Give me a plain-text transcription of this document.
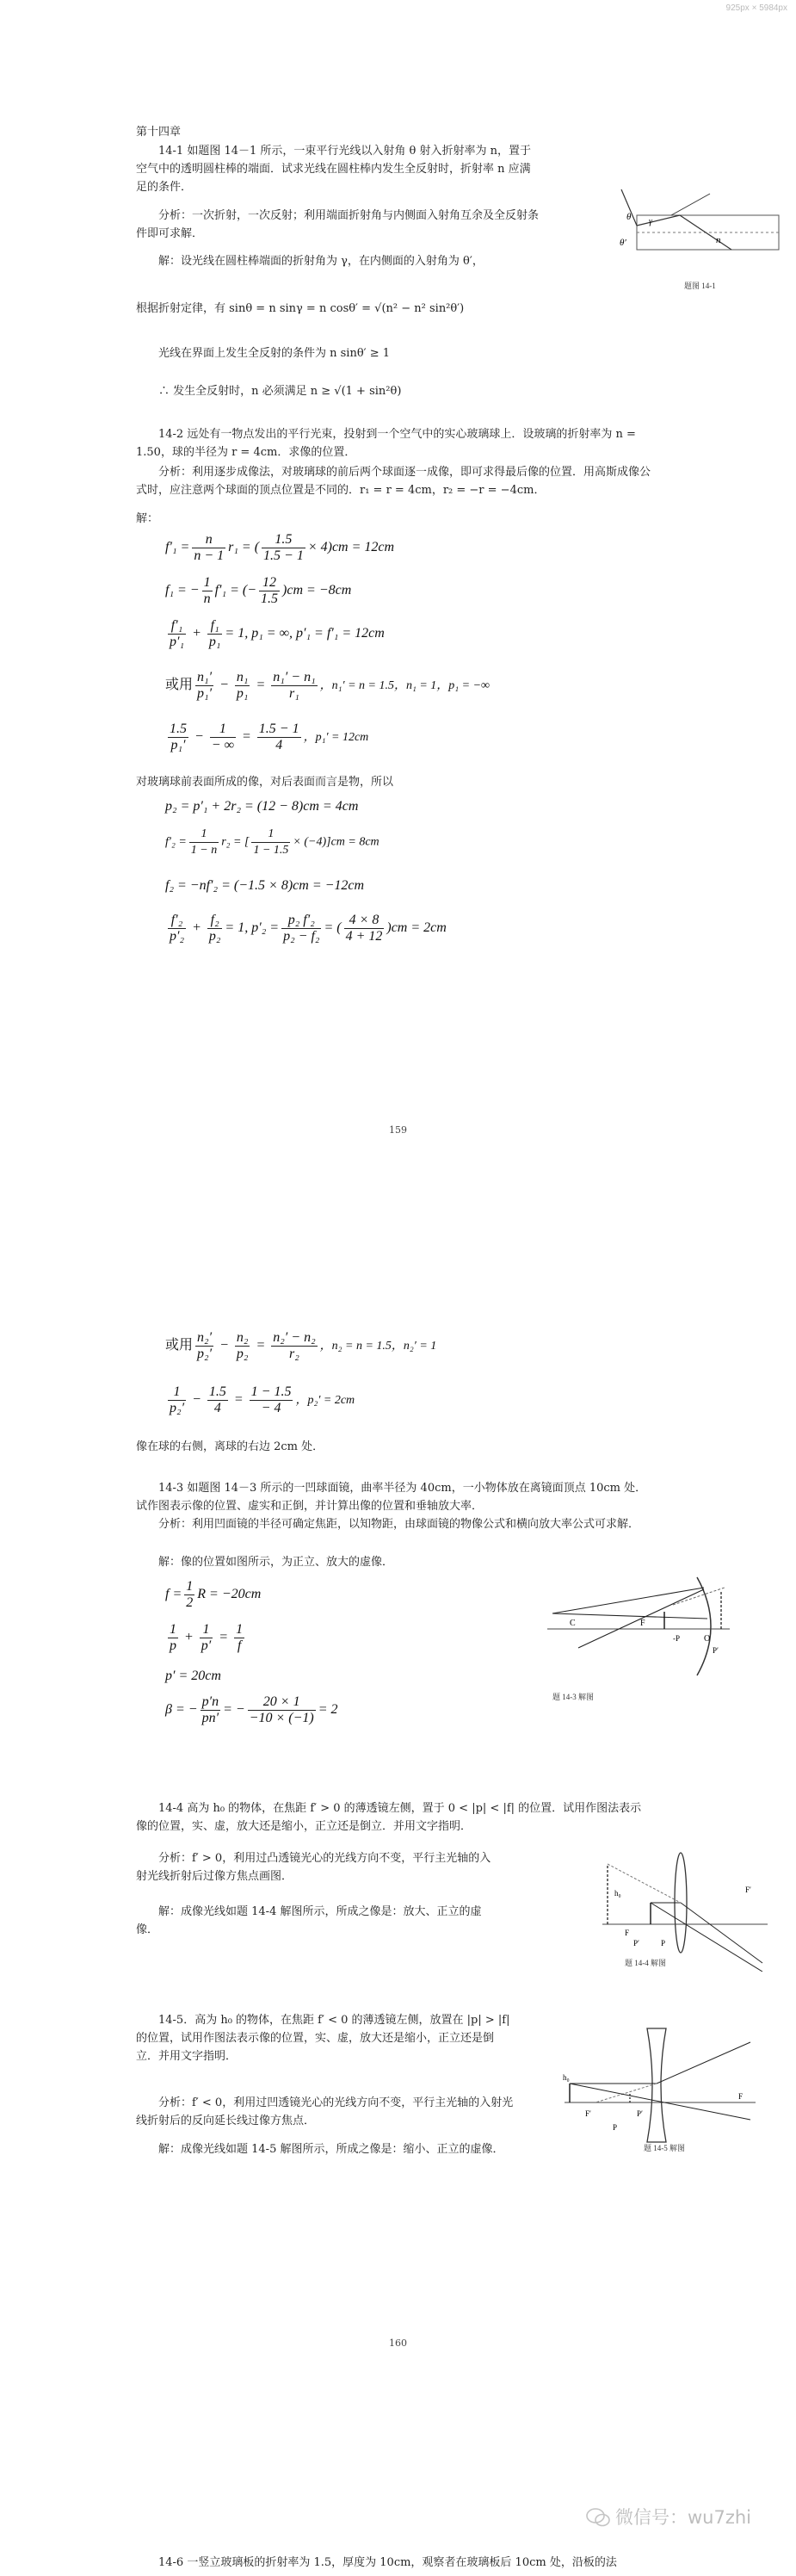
925px × 5984px
第十四章

14-1 如题图 14－1 所示，一束平行光线以入射角 θ 射入折射率为 n，置于空气中的透明圆柱棒的端面．试求光线在圆柱棒内发生全反射时，折射率 n 应满足的条件．

分析：一次折射，一次反射；利用端面折射角与内侧面入射角互余及全反射条件即可求解．

解：设光线在圆柱棒端面的折射角为 γ，在内侧面的入射角为 θ′，

根据折射定律，有 sinθ = n sinγ = n cosθ′ = √(n² − n² sin²θ′)

光线在界面上发生全反射的条件为 n sinθ′ ≥ 1

∴ 发生全反射时，n 必须满足 n ≥ √(1 + sin²θ)

θ
θ′
γ
n
题图 14-1

14-2 远处有一物点发出的平行光束，投射到一个空气中的实心玻璃球上．设玻璃的折射率为 n = 1.50，球的半径为 r = 4cm．求像的位置．

分析：利用逐步成像法，对玻璃球的前后两个球面逐一成像，即可求得最后像的位置．用高斯成像公式时，应注意两个球面的顶点位置是不同的．r₁ = r = 4cm，r₂ = −r = −4cm．

解：
$f'_1 = \frac{n}{n - 1} r_1$ = ( $\frac{1.5}{1.5 - 1} \times 4)cm = 12cm$
f₁ = − $\frac{1}{n} f'_1$ = (− $\frac{12}{1.5} )cm = -8cm$
$\frac{\text{f′₁}}{\text{p′₁}} + \frac{\text{f₁}}{\text{p₁}} = 1$, p₁ = ∞, p′₁ = f′₁ = 12cm
或用 $\frac{\text{n₁′}}{\text{p₁′}} - \frac{\text{n₁}}{\text{p₁}} = \frac{\text{n₁′ − n₁}}{\text{r₁}}$ ，n₁′ = n = 1.5，n₁ = 1，p₁ = −∞
$\frac{1.5}{\text{p₁′}} - \frac{1}{- \infty} = \frac{1.5 - 1}{4}$ ，p₁′ = 12cm

对玻璃球前表面所成的像，对后表面而言是物，所以

p₂ = p′₁ + 2r₂ = (12 − 8)cm = 4cm
$f'_2 = \frac{1}{1 - n} r_2$ = [ $\frac{1}{1 - 1.5} \times (-4)]cm = 8cm$
f₂ = −nf′₂ = (−1.5 × 8)cm = −12cm
$\frac{\text{f′₂}}{\text{p′₂}} + \frac{\text{f₂}}{\text{p₂}} = 1$, $p'_2 = \frac{\text{p₂ f′₂}}{\text{p₂ − f₂}}$ = ( $\frac{4 \times 8}{4 + 12} )cm = 2cm$
159
或用 $\frac{\text{n₂′}}{\text{p₂′}} - \frac{\text{n₂}}{\text{p₂}} = \frac{\text{n₂′ − n₂}}{\text{r₂}}$ ，n₂ = n = 1.5，n₂′ = 1
$\frac{1}{\text{p₂′}} - \frac{1.5}{4} = \frac{1 - 1.5}{- 4}$ ，p₂′ = 2cm

像在球的右侧，离球的右边 2cm 处．

14-3 如题图 14－3 所示的一凹球面镜，曲率半径为 40cm，一小物体放在离镜面顶点 10cm 处．试作图表示像的位置、虚实和正倒，并计算出像的位置和垂轴放大率．

分析：利用凹面镜的半径可确定焦距，以知物距，由球面镜的物像公式和横向放大率公式可求解．

解：像的位置如图所示，为正立、放大的虚像．

$f = \frac{1}{2}$ R = −20cm
$\frac{1}{p} + \frac{1}{p'} = \frac{1}{f}$
p′ = 20cm
β = − $\frac{p'n}{pn'}$ = − $\frac{20 \times 1}{-10 \times (-1)} = 2$
C	F
O
-P
P′
题 14-3 解图

14-4 高为 h₀ 的物体，在焦距 f′ > 0 的薄透镜左侧，置于 0 < |p| < |f| 的位置．试用作图法表示像的位置，实、虚，放大还是缩小，正立还是倒立．并用文字指明．

分析：f′ > 0，利用过凸透镜光心的光线方向不变，平行主光轴的入射光线折射后过像方焦点画图．

解：成像光线如题 14-4 解图所示，所成之像是：放大、正立的虚像．

h₀
F
F′
P
P′
题 14-4 解图

14-5．高为 h₀ 的物体，在焦距 f′ < 0 的薄透镜左侧，放置在 |p| > |f| 的位置，试用作图法表示像的位置，实、虚，放大还是缩小，正立还是倒立．并用文字指明．

分析：f′ < 0，利用过凹透镜光心的光线方向不变，平行主光轴的入射光线折射后的反向延长线过像方焦点．

解：成像光线如题 14-5 解图所示，所成之像是：缩小、正立的虚像．

h₀
F′
F
P
P′
题 14-5 解图
160
微信号：wu7zhi

14-6 一竖立玻璃板的折射率为 1.5，厚度为 10cm，观察者在玻璃板后 10cm 处，沿板的法
